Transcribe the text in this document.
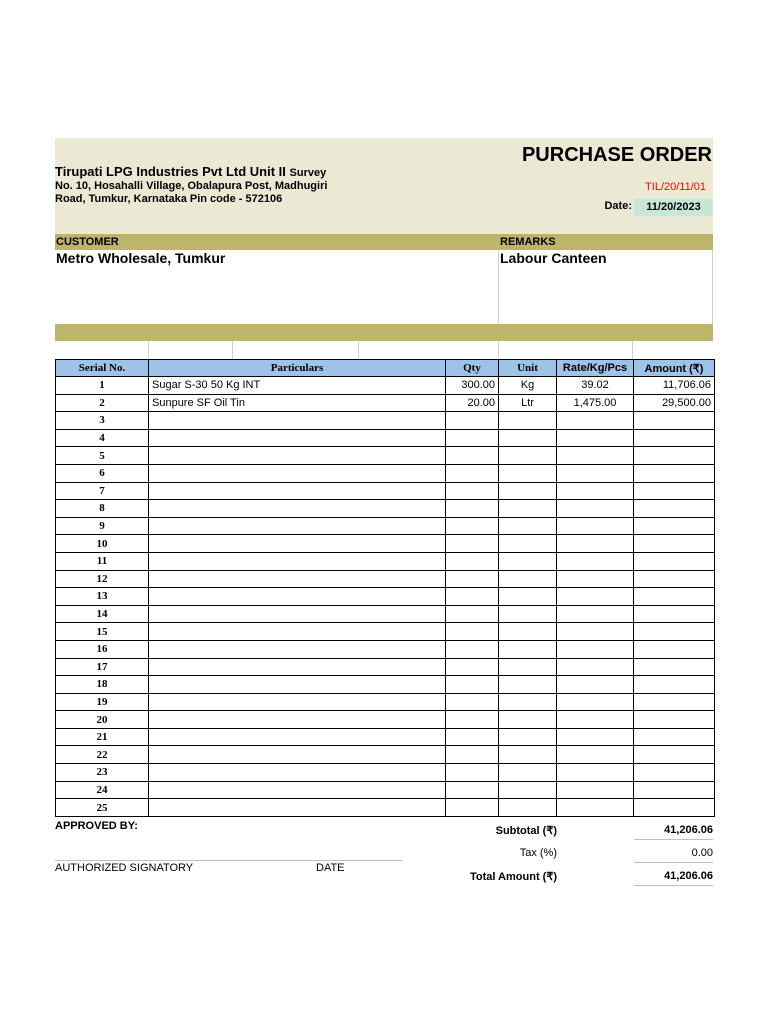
Tirupati LPG Industries Pvt Ltd Unit II Survey
No. 10, Hosahalli Village, Obalapura Post, Madhugiri Road, Tumkur, Karnataka Pin code - 572106
PURCHASE ORDER
TIL/20/11/01
Date:	11/20/2023
CUSTOMER	REMARKS
Metro Wholesale, Tumkur	Labour Canteen
Serial No.	Particulars	Qty	Unit	Rate/Kg/Pcs	Amount (₹)
1	Sugar S-30 50 Kg INT	300.00	Kg	39.02	11,706.06
2	Sunpure SF Oil Tin	20.00	Ltr	1,475.00	29,500.00
3					
4					
5					
6					
7					
8					
9					
10					
11					
12					
13					
14					
15					
16					
17					
18					
19					
20					
21					
22					
23					
24					
25					
APPROVED BY:
AUTHORIZED SIGNATORY	DATE
Subtotal (₹)	41,206.06
Tax (%)	0.00
Total Amount (₹)	41,206.06
